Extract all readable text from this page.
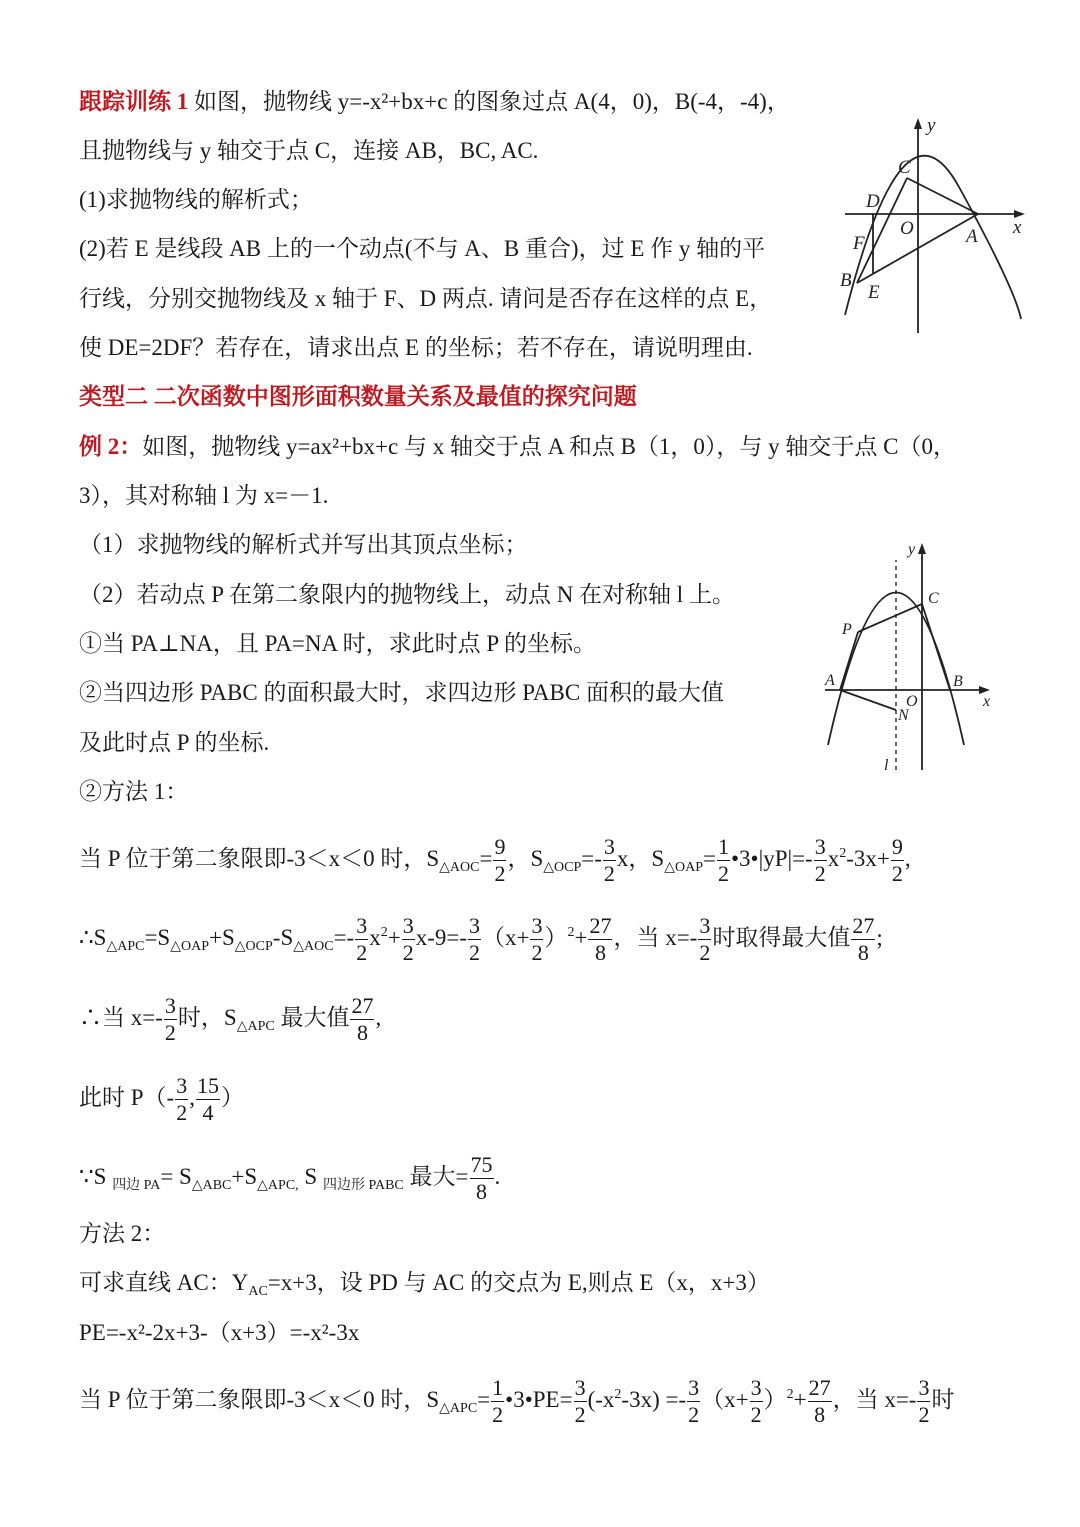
跟踪训练 1 如图，抛物线 y=-x²+bx+c 的图象过点 A(4，0)，B(-4，-4)，
且抛物线与 y 轴交于点 C，连接 AB，BC, AC.
(1)求抛物线的解析式；
(2)若 E 是线段 AB 上的一个动点(不与 A、B 重合)，过 E 作 y 轴的平
行线，分别交抛物线及 x 轴于 F、D 两点. 请问是否存在这样的点 E，
使 DE=2DF？若存在，请求出点 E 的坐标；若不存在，请说明理由.
y
x
C
D
O	A
F
B
E
类型二 二次函数中图形面积数量关系及最值的探究问题
例 2：如图，抛物线 y=ax²+bx+c 与 x 轴交于点 A 和点 B（1，0），与 y 轴交于点 C（0，
3），其对称轴 l 为 x=－1.
（1）求抛物线的解析式并写出其顶点坐标；
（2）若动点 P 在第二象限内的抛物线上，动点 N 在对称轴 l 上。
①当 PA⊥NA，且 PA=NA 时，求此时点 P 的坐标。
②当四边形 PABC 的面积最大时，求四边形 PABC 面积的最大值
及此时点 P 的坐标.
y
x
C
P
A	B
O
N
l
②方法 1：
当 P 位于第二象限即-3＜x＜0 时，$S_{\triangle AOC}= \frac{9}{2}$ ，$S_{\triangle OCP}=- \frac{3}{2}$ x，$S_{\triangle OAP}= \frac{1}{2}$ •3•|yP|=- $\frac{3}{2} x^2-3x+ \frac{9}{2}$ ,
$\therefore S_{\triangle APC}=S_{\triangle OAP}+S_{\triangle OCP}-S_{\triangle AOC}=- \frac{3}{2} x^2+ \frac{3}{2} x-9=- \frac{3}{2} (x+ \frac{3}{2} )^2+ \frac{27}{8}$ ，当 $x=- \frac{3}{2}$ 时取得最大值 $\frac{27}{8}$ ;
∴当 $x=- \frac{3}{2}$ 时，$S_{\triangle APC}$ 最大值 $\frac{27}{8}$ ,
此时 $P(- \frac{3}{2}$ , $\frac{15}{4}$ ）
∵S $_{四边 PA}= S_{\triangle ABC}+S_{\triangle APC,}$ S $_{四边形 PABC}$ 最大= $\frac{75}{8}$ .
方法 2：
可求直线 AC：$Y_{AC}=x+3$，设 PD 与 AC 的交点为 E,则点 E（x，x+3）
PE=-x²-2x+3-（x+3）=-x²-3x
当 P 位于第二象限即-3＜x＜0 时，$S_{\triangle APC}= \frac{1}{2}$ •3•PE= $\frac{3}{2} (-x^2-3x) =- \frac{3}{2} (x+ \frac{3}{2} )^2+ \frac{27}{8}$ ，当 $x=- \frac{3}{2}$ 时
